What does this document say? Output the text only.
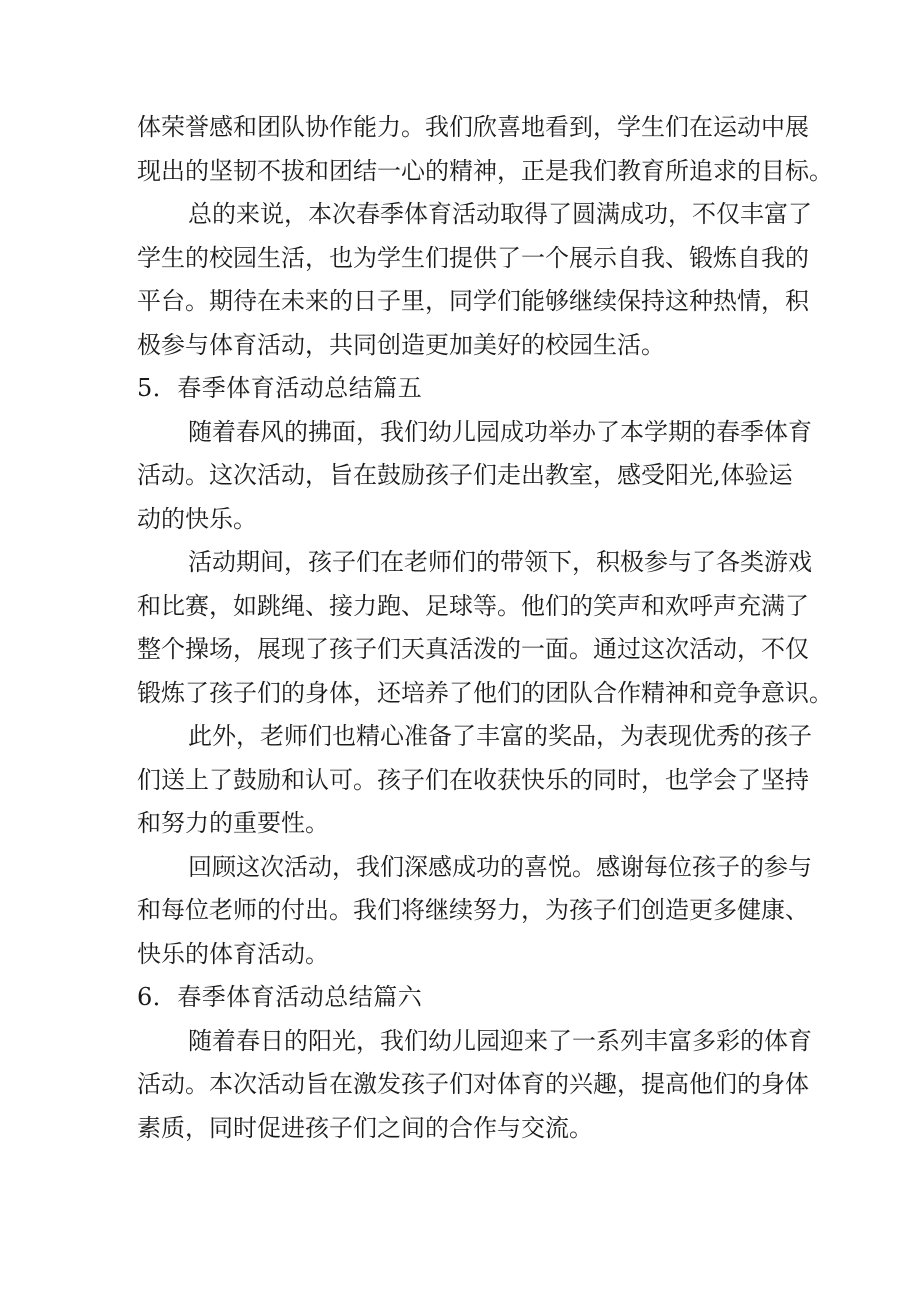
体荣誉感和团队协作能力。我们欣喜地看到，学生们在运动中展
现出的坚韧不拔和团结一心的精神，正是我们教育所追求的目标。
总的来说，本次春季体育活动取得了圆满成功，不仅丰富了
学生的校园生活，也为学生们提供了一个展示自我、锻炼自我的
平台。期待在未来的日子里，同学们能够继续保持这种热情，积
极参与体育活动，共同创造更加美好的校园生活。
5．春季体育活动总结篇五
随着春风的拂面，我们幼儿园成功举办了本学期的春季体育
活动。这次活动，旨在鼓励孩子们走出教室，感受阳光,体验运
动的快乐。
活动期间，孩子们在老师们的带领下，积极参与了各类游戏
和比赛，如跳绳、接力跑、足球等。他们的笑声和欢呼声充满了
整个操场，展现了孩子们天真活泼的一面。通过这次活动，不仅
锻炼了孩子们的身体，还培养了他们的团队合作精神和竞争意识。
此外，老师们也精心准备了丰富的奖品，为表现优秀的孩子
们送上了鼓励和认可。孩子们在收获快乐的同时，也学会了坚持
和努力的重要性。
回顾这次活动，我们深感成功的喜悦。感谢每位孩子的参与
和每位老师的付出。我们将继续努力，为孩子们创造更多健康、
快乐的体育活动。
6．春季体育活动总结篇六
随着春日的阳光，我们幼儿园迎来了一系列丰富多彩的体育
活动。本次活动旨在激发孩子们对体育的兴趣，提高他们的身体
素质，同时促进孩子们之间的合作与交流。
